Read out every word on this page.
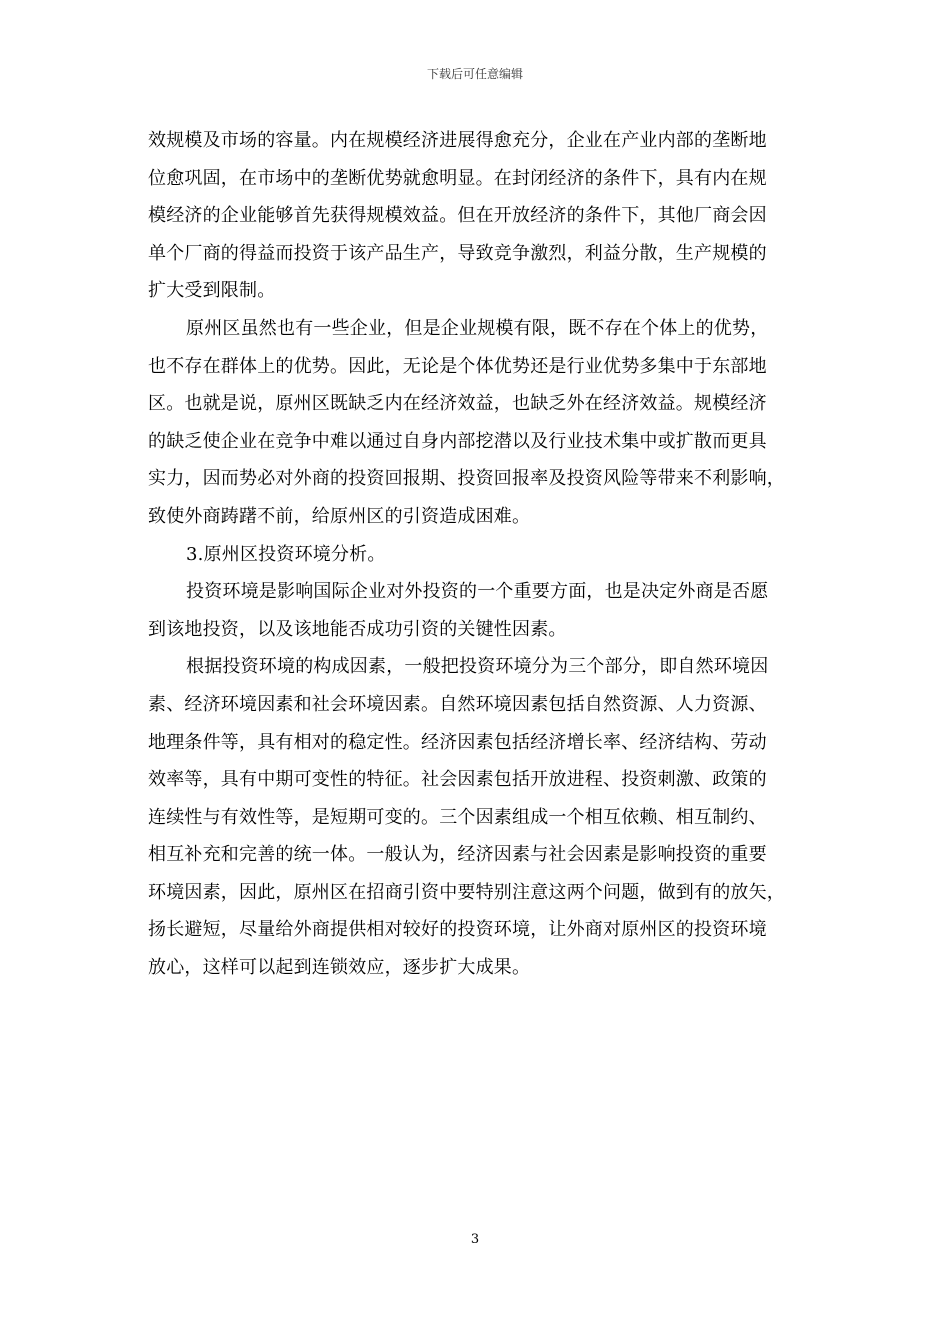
下载后可任意编辑
效规模及市场的容量。内在规模经济进展得愈充分，企业在产业内部的垄断地
位愈巩固，在市场中的垄断优势就愈明显。在封闭经济的条件下，具有内在规
模经济的企业能够首先获得规模效益。但在开放经济的条件下，其他厂商会因
单个厂商的得益而投资于该产品生产，导致竞争激烈，利益分散，生产规模的
扩大受到限制。
原州区虽然也有一些企业，但是企业规模有限，既不存在个体上的优势，
也不存在群体上的优势。因此，无论是个体优势还是行业优势多集中于东部地
区。也就是说，原州区既缺乏内在经济效益，也缺乏外在经济效益。规模经济
的缺乏使企业在竞争中难以通过自身内部挖潜以及行业技术集中或扩散而更具
实力，因而势必对外商的投资回报期、投资回报率及投资风险等带来不利影响，
致使外商踌躇不前，给原州区的引资造成困难。
3.原州区投资环境分析。
投资环境是影响国际企业对外投资的一个重要方面，也是决定外商是否愿
到该地投资，以及该地能否成功引资的关键性因素。
根据投资环境的构成因素，一般把投资环境分为三个部分，即自然环境因
素、经济环境因素和社会环境因素。自然环境因素包括自然资源、人力资源、
地理条件等，具有相对的稳定性。经济因素包括经济增长率、经济结构、劳动
效率等，具有中期可变性的特征。社会因素包括开放进程、投资刺激、政策的
连续性与有效性等，是短期可变的。三个因素组成一个相互依赖、相互制约、
相互补充和完善的统一体。一般认为，经济因素与社会因素是影响投资的重要
环境因素，因此，原州区在招商引资中要特别注意这两个问题，做到有的放矢，
扬长避短，尽量给外商提供相对较好的投资环境，让外商对原州区的投资环境
放心，这样可以起到连锁效应，逐步扩大成果。
3
